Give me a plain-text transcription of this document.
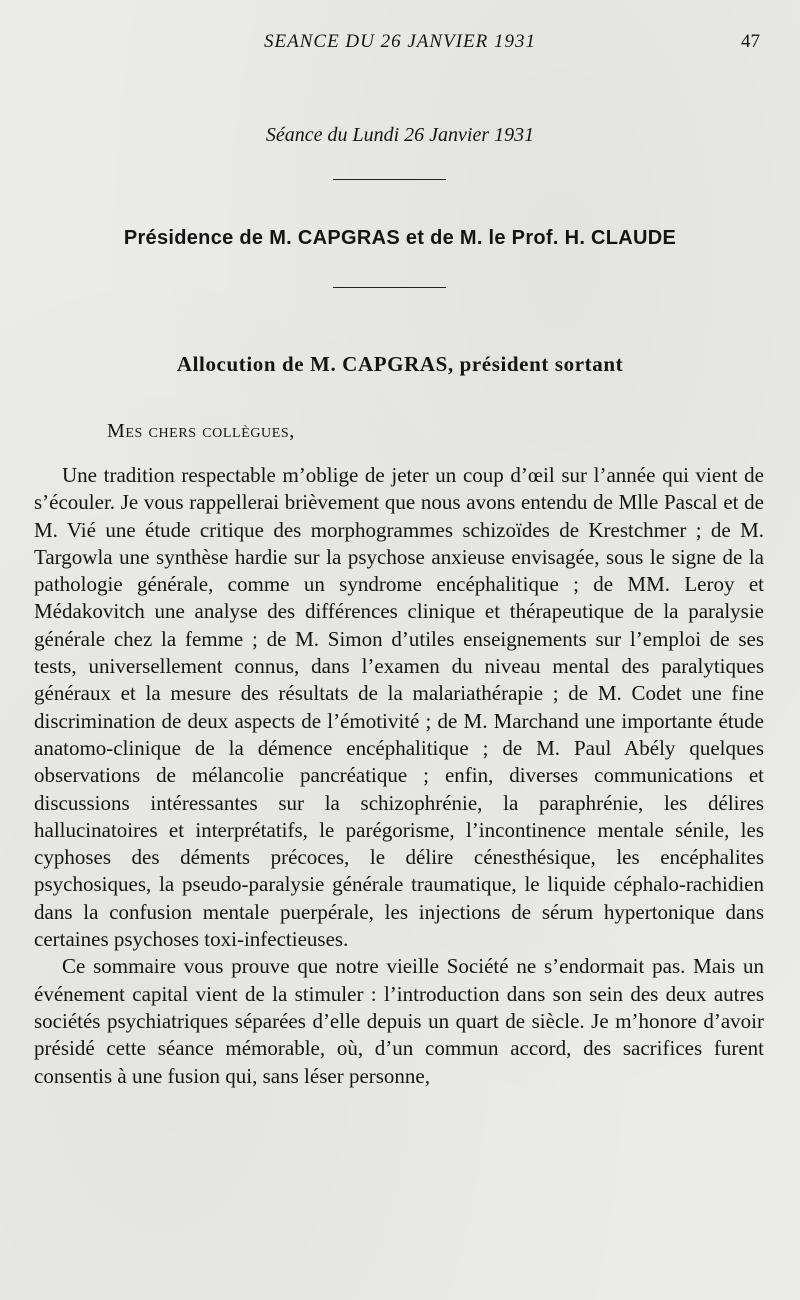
SEANCE DU 26 JANVIER 1931	47
Séance du Lundi 26 Janvier 1931
Présidence de M. CAPGRAS et de M. le Prof. H. CLAUDE
Allocution de M. CAPGRAS, président sortant
Mes chers collègues,

Une tradition respectable m’oblige de jeter un coup d’œil sur l’année qui vient de s’écouler. Je vous rappellerai brièvement que nous avons entendu de Mlle Pascal et de M. Vié une étude critique des morphogrammes schizoïdes de Krestchmer ; de M. Targowla une synthèse hardie sur la psychose anxieuse envisagée, sous le signe de la pathologie générale, comme un syndrome encéphalitique ; de MM. Leroy et Médakovitch une analyse des différences clinique et thérapeutique de la paralysie générale chez la femme ; de M. Simon d’utiles enseignements sur l’emploi de ses tests, universellement connus, dans l’examen du niveau mental des paralytiques généraux et la mesure des résultats de la malariathérapie ; de M. Codet une fine discrimination de deux aspects de l’émotivité ; de M. Marchand une importante étude anatomo-clinique de la démence encéphalitique ; de M. Paul Abély quelques observations de mélancolie pancréatique ; enfin, diverses communications et discussions intéressantes sur la schizophrénie, la paraphrénie, les délires hallucinatoires et interprétatifs, le parégorisme, l’incontinence mentale sénile, les cyphoses des déments précoces, le délire cénesthésique, les encéphalites psychosiques, la pseudo-paralysie générale traumatique, le liquide céphalo-rachidien dans la confusion mentale puerpérale, les injections de sérum hypertonique dans certaines psychoses toxi-infectieuses.

Ce sommaire vous prouve que notre vieille Société ne s’endormait pas. Mais un événement capital vient de la stimuler : l’introduction dans son sein des deux autres sociétés psychiatriques séparées d’elle depuis un quart de siècle. Je m’honore d’avoir présidé cette séance mémorable, où, d’un commun accord, des sacrifices furent consentis à une fusion qui, sans léser personne,
